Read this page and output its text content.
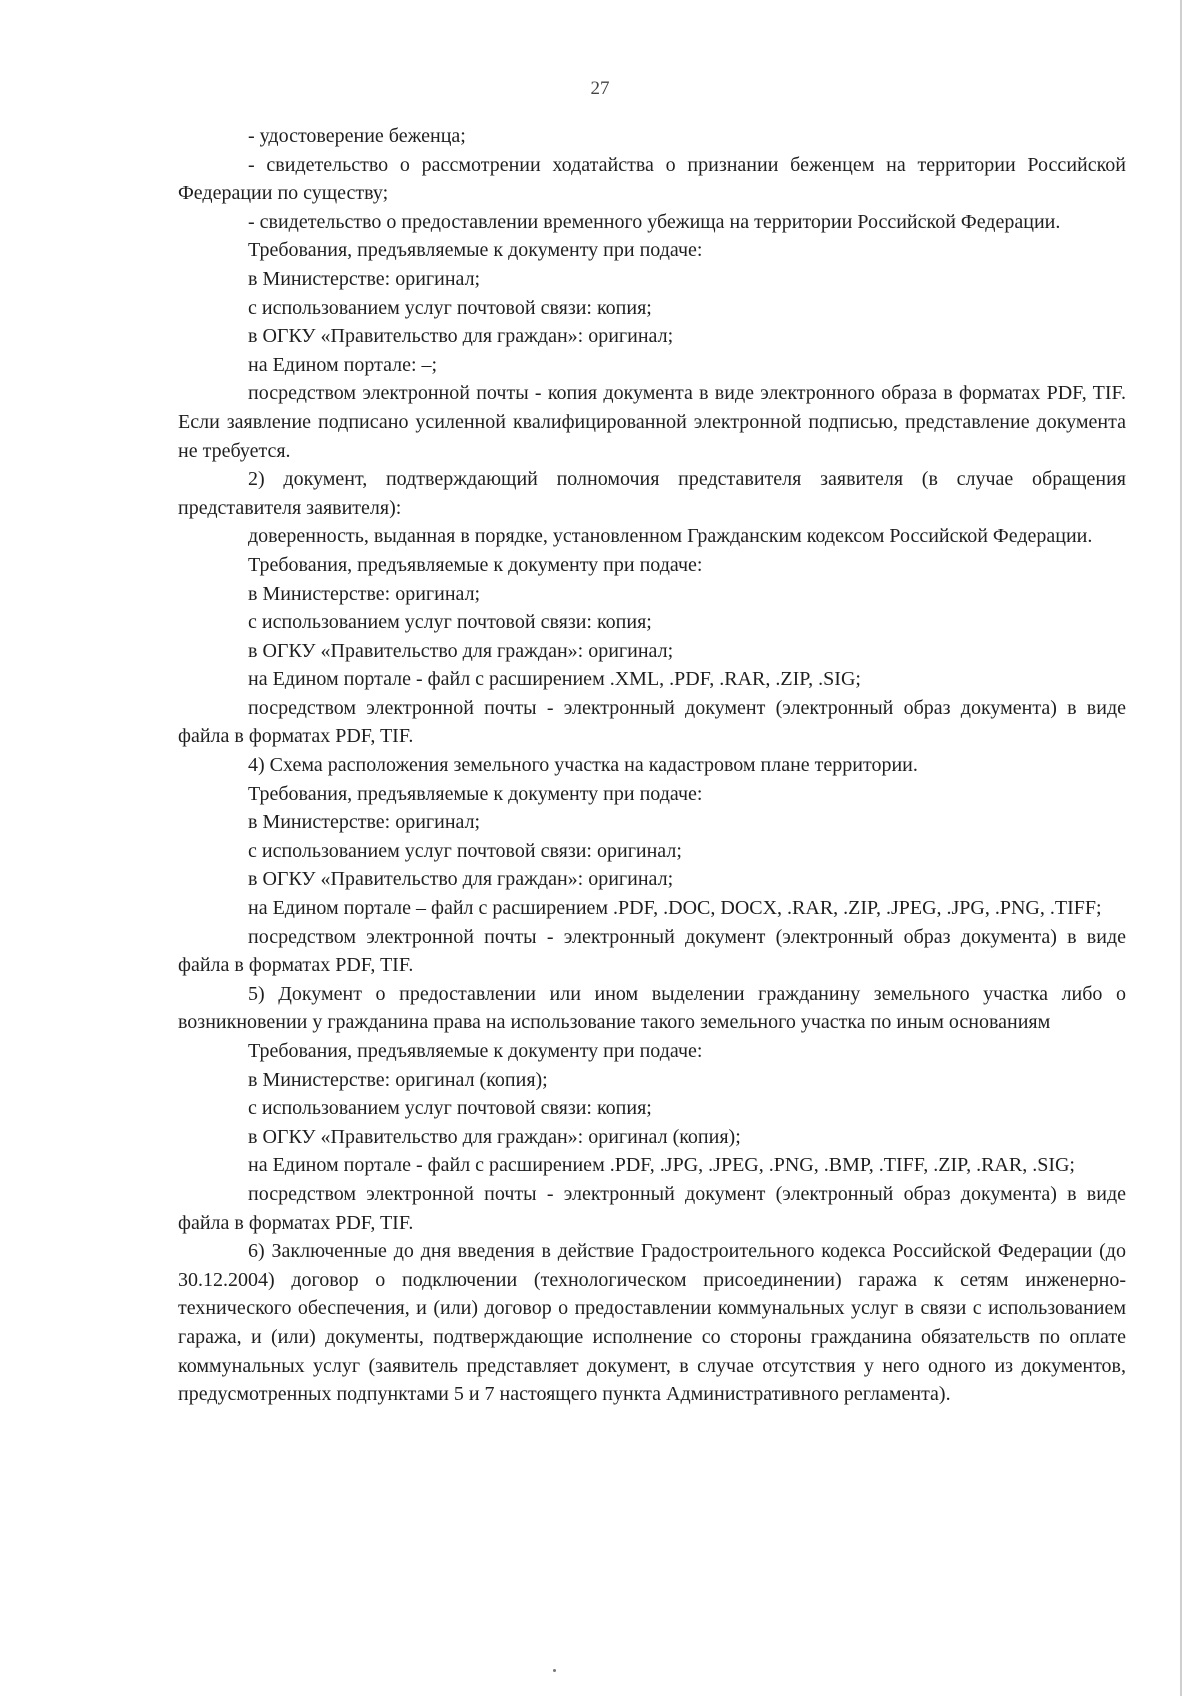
27

- удостоверение беженца;

- свидетельство о рассмотрении ходатайства о признании беженцем на территории Российской Федерации по существу;

- свидетельство о предоставлении временного убежища на территории Российской Федерации.

Требования, предъявляемые к документу при подаче:

в Министерстве: оригинал;

с использованием услуг почтовой связи: копия;

в ОГКУ «Правительство для граждан»: оригинал;

на Едином портале: –;

посредством электронной почты - копия документа в виде электронного образа в форматах PDF, TIF. Если заявление подписано усиленной квалифицированной электронной подписью, представление документа не требуется.

2) документ, подтверждающий полномочия представителя заявителя (в случае обращения представителя заявителя):

доверенность, выданная в порядке, установленном Гражданским кодексом Российской Федерации.

Требования, предъявляемые к документу при подаче:

в Министерстве: оригинал;

с использованием услуг почтовой связи: копия;

в ОГКУ «Правительство для граждан»: оригинал;

на Едином портале - файл с расширением .XML, .PDF, .RAR, .ZIP, .SIG;

посредством электронной почты - электронный документ (электронный образ документа) в виде файла в форматах PDF, TIF.

4) Схема расположения земельного участка на кадастровом плане территории.

Требования, предъявляемые к документу при подаче:

в Министерстве: оригинал;

с использованием услуг почтовой связи: оригинал;

в ОГКУ «Правительство для граждан»: оригинал;

на Едином портале – файл с расширением .PDF, .DOC, DOCX, .RAR, .ZIP, .JPEG, .JPG, .PNG, .TIFF;

посредством электронной почты - электронный документ (электронный образ документа) в виде файла в форматах PDF, TIF.

5) Документ о предоставлении или ином выделении гражданину земельного участка либо о возникновении у гражданина права на использование такого земельного участка по иным основаниям

Требования, предъявляемые к документу при подаче:

в Министерстве: оригинал (копия);

с использованием услуг почтовой связи: копия;

в ОГКУ «Правительство для граждан»: оригинал (копия);

на Едином портале - файл с расширением .PDF, .JPG, .JPEG, .PNG, .BMP, .TIFF, .ZIP, .RAR, .SIG;

посредством электронной почты - электронный документ (электронный образ документа) в виде файла в форматах PDF, TIF.

6) Заключенные до дня введения в действие Градостроительного кодекса Российской Федерации (до 30.12.2004) договор о подключении (технологическом присоединении) гаража к сетям инженерно-технического обеспечения, и (или) договор о предоставлении коммунальных услуг в связи с использованием гаража, и (или) документы, подтверждающие исполнение со стороны гражданина обязательств по оплате коммунальных услуг (заявитель представляет документ, в случае отсутствия у него одного из документов, предусмотренных подпунктами 5 и 7 настоящего пункта Административного регламента).
